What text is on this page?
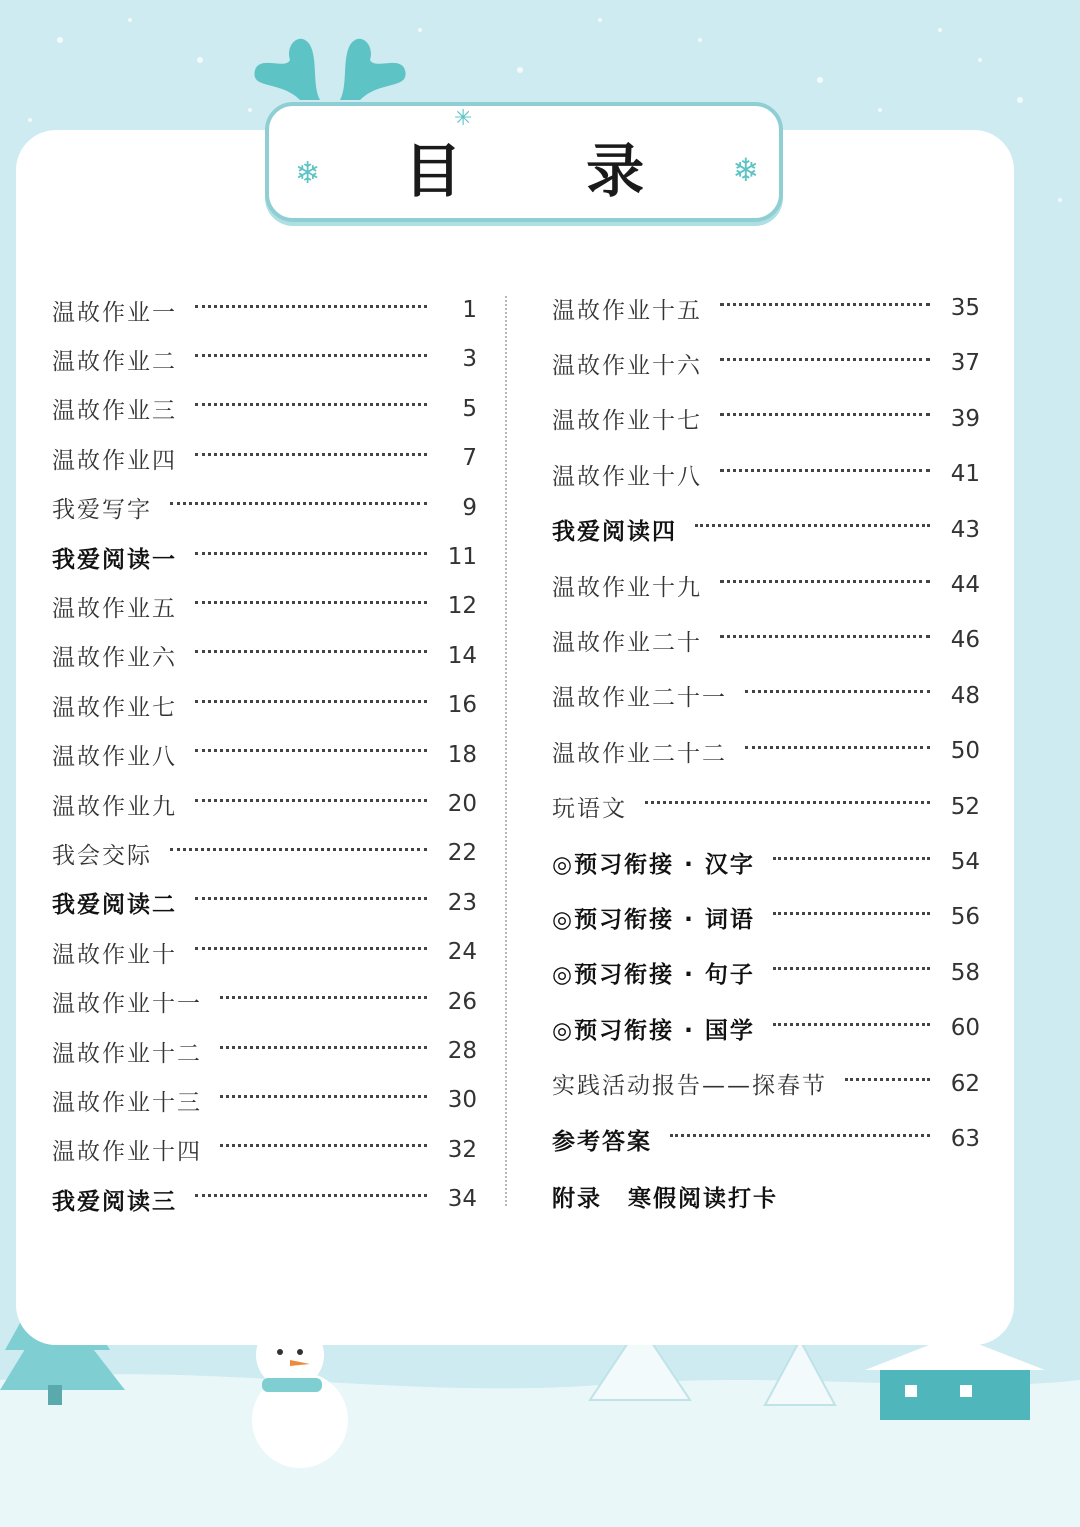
目 录
❄	❄
✳
温故作业一	1
温故作业二	3
温故作业三	5
温故作业四	7
我爱写字	9
我爱阅读一	11
温故作业五	12
温故作业六	14
温故作业七	16
温故作业八	18
温故作业九	20
我会交际	22
我爱阅读二	23
温故作业十	24
温故作业十一	26
温故作业十二	28
温故作业十三	30
温故作业十四	32
我爱阅读三	34
温故作业十五	35
温故作业十六	37
温故作业十七	39
温故作业十八	41
我爱阅读四	43
温故作业十九	44
温故作业二十	46
温故作业二十一	48
温故作业二十二	50
玩语文	52
◎预习衔接 · 汉字	54
◎预习衔接 · 词语	56
◎预习衔接 · 句子	58
◎预习衔接 · 国学	60
实践活动报告——探春节	62
参考答案	63
附录 寒假阅读打卡
